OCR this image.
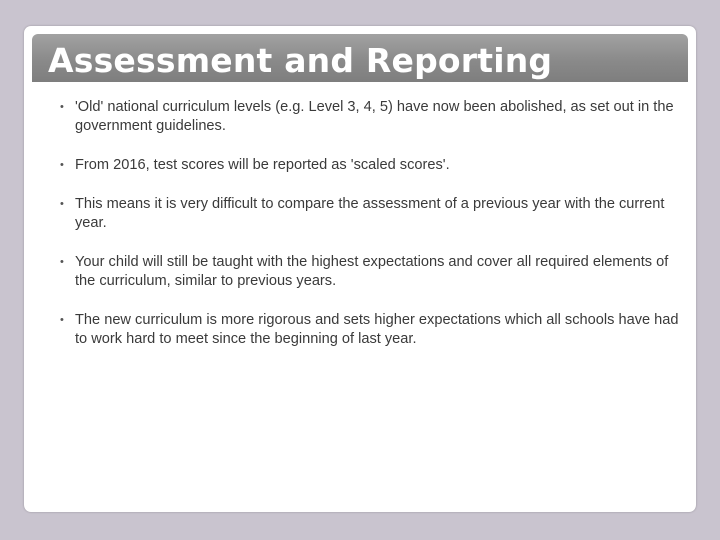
Assessment and Reporting
• 'Old' national curriculum levels (e.g. Level 3, 4, 5) have now been abolished, as set out in the government guidelines.
• From 2016, test scores will be reported as 'scaled scores'.
• This means it is very difficult to compare the assessment of a previous year with the current year.
• Your child will still be taught with the highest expectations and cover all required elements of the curriculum, similar to previous years.
• The new curriculum is more rigorous and sets higher expectations which all schools have had to work hard to meet since the beginning of last year.
